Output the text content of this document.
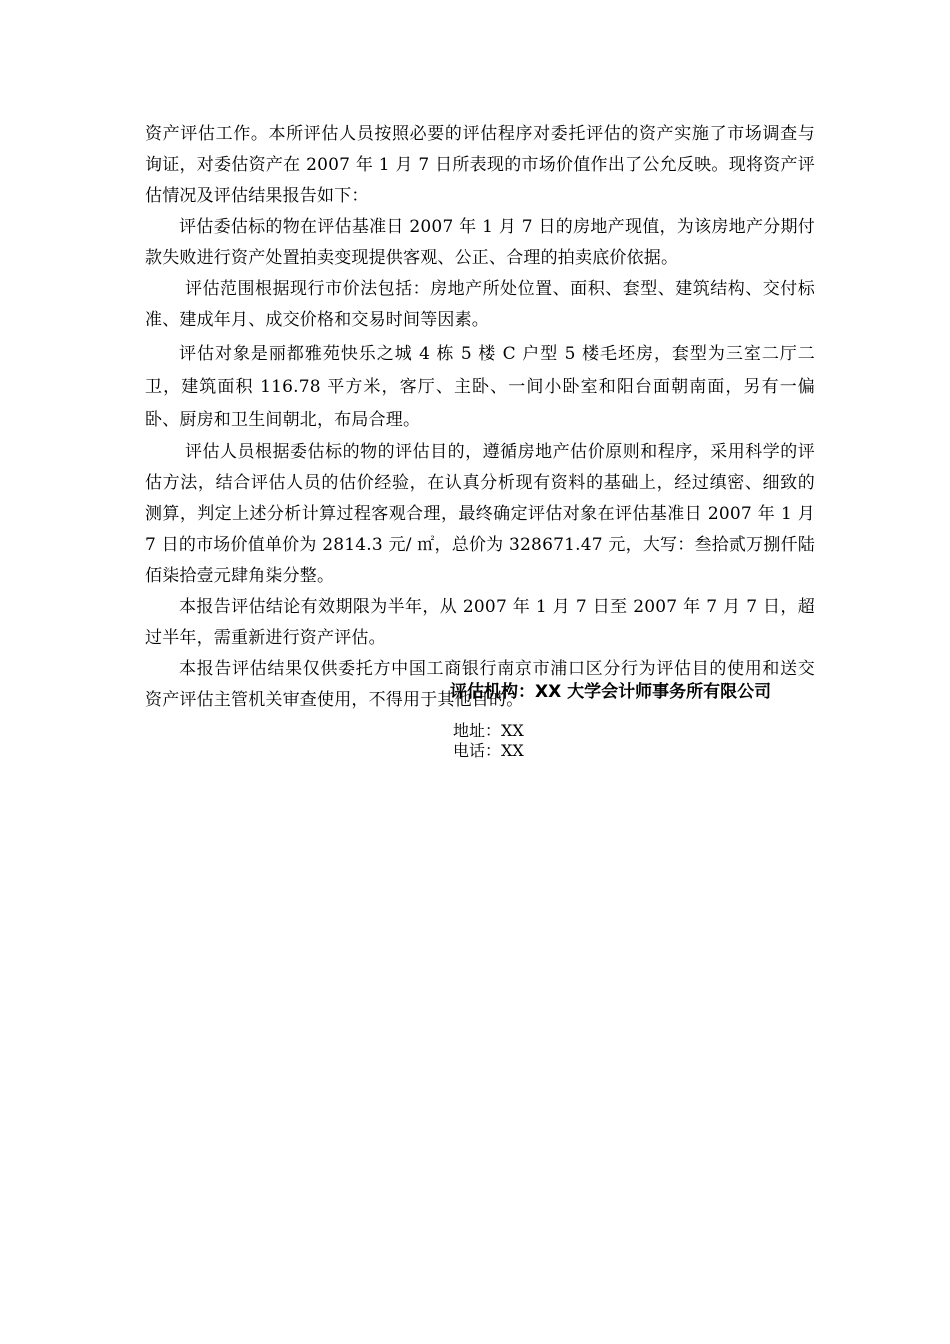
资产评估工作。本所评估人员按照必要的评估程序对委托评估的资产实施了市场调查与询证，对委估资产在 2007 年 1 月 7 日所表现的市场价值作出了公允反映。现将资产评估情况及评估结果报告如下：

评估委估标的物在评估基准日 2007 年 1 月 7 日的房地产现值，为该房地产分期付款失败进行资产处置拍卖变现提供客观、公正、合理的拍卖底价依据。

评估范围根据现行市价法包括：房地产所处位置、面积、套型、建筑结构、交付标准、建成年月、成交价格和交易时间等因素。

评估对象是丽都雅苑快乐之城 4 栋 5 楼 C 户型 5 楼毛坯房，套型为三室二厅二卫，建筑面积 116.78 平方米，客厅、主卧、一间小卧室和阳台面朝南面，另有一偏卧、厨房和卫生间朝北，布局合理。

评估人员根据委估标的物的评估目的，遵循房地产估价原则和程序，采用科学的评估方法，结合评估人员的估价经验，在认真分析现有资料的基础上，经过缜密、细致的测算，判定上述分析计算过程客观合理，最终确定评估对象在评估基准日 2007 年 1 月 7 日的市场价值单价为 2814.3 元/ ㎡，总价为 328671.47 元，大写：叁拾贰万捌仟陆佰柒拾壹元肆角柒分整。

本报告评估结论有效期限为半年，从 2007 年 1 月 7 日至 2007 年 7 月 7 日，超过半年，需重新进行资产评估。

本报告评估结果仅供委托方中国工商银行南京市浦口区分行为评估目的使用和送交资产评估主管机关审查使用，不得用于其他目的。

评估机构：XX 大学会计师事务所有限公司
地址：XX
电话：XX
